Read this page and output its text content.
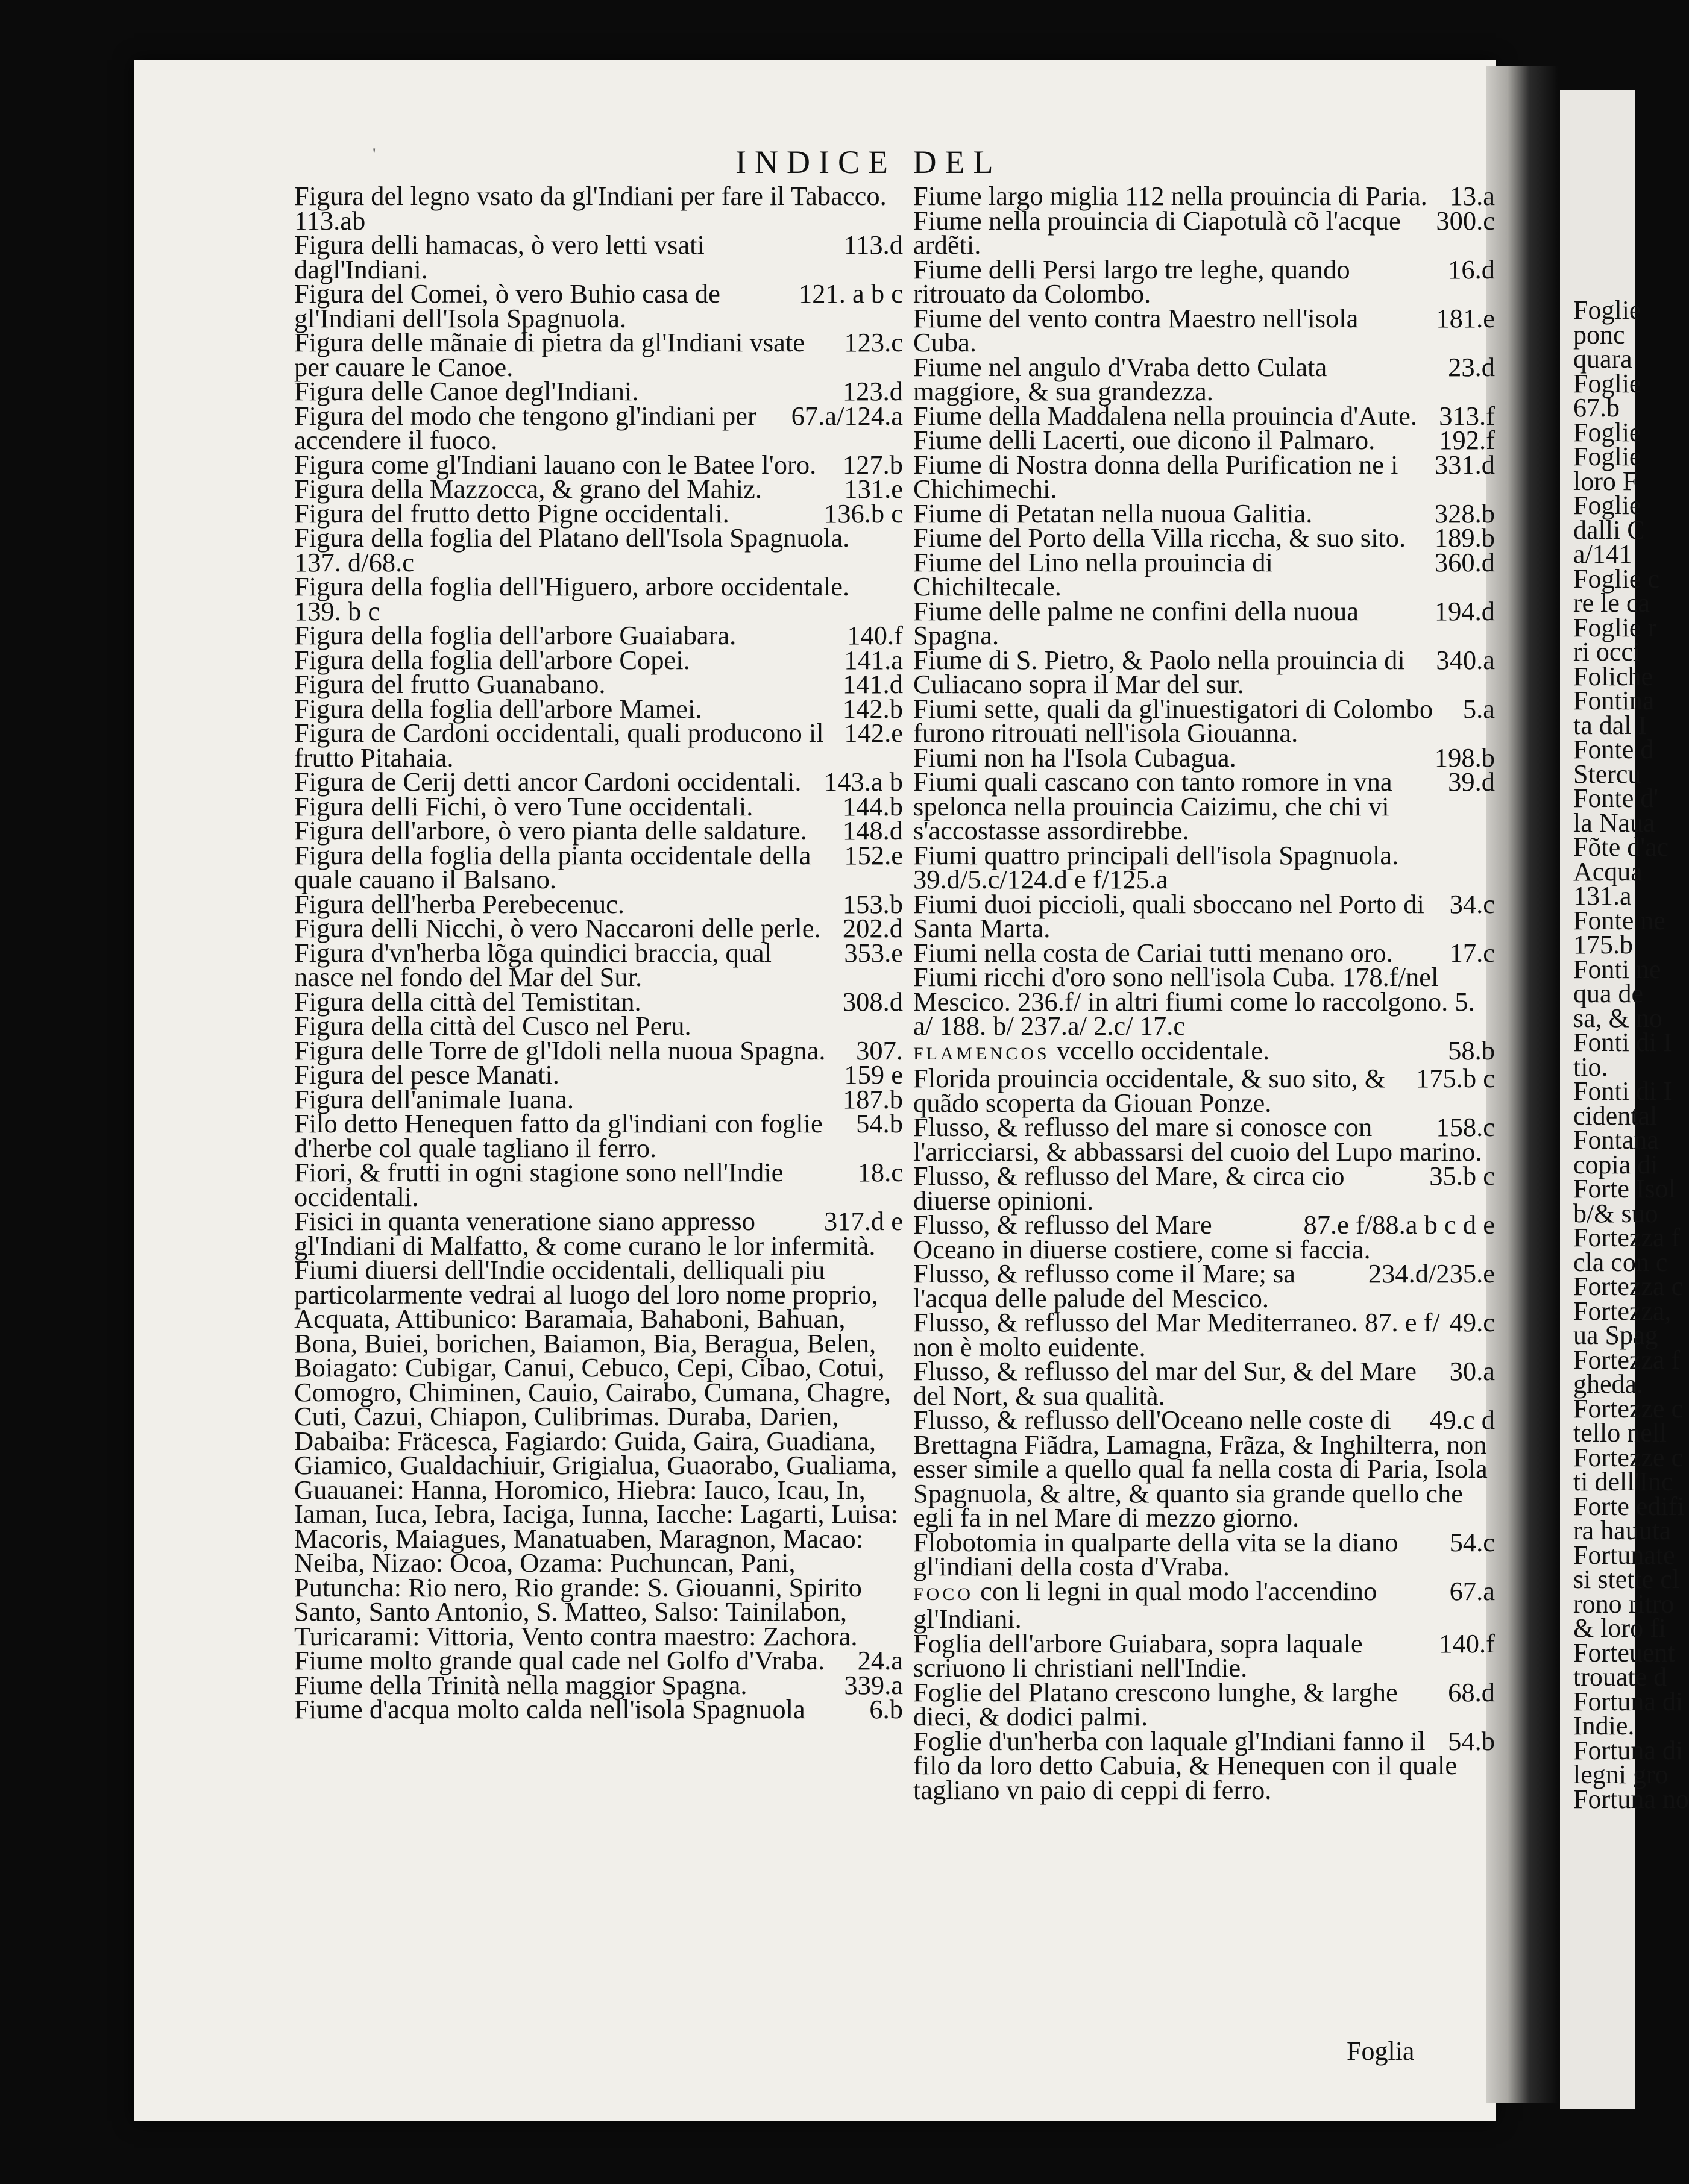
Foglie
ponc
quara
Foglie
67.b
Foglie
Foglie
loro F
Foglie
dalli C
a/141
Foglie c
re le ca
Foglie r
ri occi
Foliche
Fontina
ta dal I
Fonte d
Stercu
Fonte d'
la Naua
Fõte d'ac
Acqua
131.a
Fonte ne
175.b
Fonti ne
qua de
sa, & no
Fonti di I
tio.
Fonti di I
cidental
Fontana
copia di
Forte Isol
b/& suo
Fortezza f
cla con c
Fortezza c
Fortezza,
ua Spag
Fortezza f
gheda.
Fortezze c
tello nell
Fortezze c
ti dell'Inc
Forte edifi
ra hauuta
Fortunate
si stette cl
rono ritro
& loro fi
Forteuent
trouate d
Fortuna di
Indie.
Fortuna di
legni gro
Fortuna no
'	INDICE DEL
Figura del legno vsato da gl'Indiani per fare il Tabacco.
113.ab
113.d
Figura delli hamacas, ò vero letti vsati dagl'Indiani.
121. a b c
Figura del Comei, ò vero Buhio casa de gl'Indiani dell'Isola Spagnuola.
123.c
Figura delle mãnaie di pietra da gl'Indiani vsate per cauare le Canoe.
123.d
Figura delle Canoe degl'Indiani.
67.a/124.a
Figura del modo che tengono gl'indiani per accendere il fuoco.
127.b
Figura come gl'Indiani lauano con le Batee l'oro.
131.e
Figura della Mazzocca, & grano del Mahiz.
136.b c
Figura del frutto detto Pigne occidentali.
Figura della foglia del Platano dell'Isola Spagnuola. 137. d/68.c
Figura della foglia dell'Higuero, arbore occidentale. 139. b c
140.f
Figura della foglia dell'arbore Guaiabara.
141.a
Figura della foglia dell'arbore Copei.
141.d
Figura del frutto Guanabano.
142.b
Figura della foglia dell'arbore Mamei.
142.e
Figura de Cardoni occidentali, quali producono il frutto Pitahaia.
143.a b
Figura de Cerij detti ancor Cardoni occidentali.
144.b
Figura delli Fichi, ò vero Tune occidentali.
148.d
Figura dell'arbore, ò vero pianta delle saldature.
152.e
Figura della foglia della pianta occidentale della quale cauano il Balsano.
153.b
Figura dell'herba Perebecenuc.
202.d
Figura delli Nicchi, ò vero Naccaroni delle perle.
353.e
Figura d'vn'herba lõga quindici braccia, qual nasce nel fondo del Mar del Sur.
308.d
Figura della città del Temistitan.
Figura della città del Cusco nel Peru.
307.
Figura delle Torre de gl'Idoli nella nuoua Spagna.
159 e
Figura del pesce Manati.
187.b
Figura dell'animale Iuana.
54.b
Filo detto Henequen fatto da gl'indiani con foglie d'herbe col quale tagliano il ferro.
18.c
Fiori, & frutti in ogni stagione sono nell'Indie occidentali.
317.d e
Fisici in quanta veneratione siano appresso gl'Indiani di Malfatto, & come curano le lor infermità.
Fiumi diuersi dell'Indie occidentali, delliquali piu particolarmente vedrai al luogo del loro nome proprio, Acquata, Attibunico: Baramaia, Bahaboni, Bahuan, Bona, Buiei, borichen, Baiamon, Bia, Beragua, Belen, Boiagato: Cubigar, Canui, Cebuco, Cepi, Cibao, Cotui, Comogro, Chiminen, Cauio, Cairabo, Cumana, Chagre, Cuti, Cazui, Chiapon, Culibrimas. Duraba, Darien, Dabaiba: Fräcesca, Fagiardo: Guida, Gaira, Guadiana, Giamico, Gualdachiuir, Grigialua, Guaorabo, Gualiama, Guauanei: Hanna, Horomico, Hiebra: Iauco, Icau, In, Iaman, Iuca, Iebra, Iaciga, Iunna, Iacche: Lagarti, Luisa: Macoris, Maiagues, Manatuaben, Maragnon, Macao: Neiba, Nizao: Ocoa, Ozama: Puchuncan, Pani, Putuncha: Rio nero, Rio grande: S. Giouanni, Spirito Santo, Santo Antonio, S. Matteo, Salso: Tainilabon, Turicarami: Vittoria, Vento contra maestro: Zachora.
24.a
Fiume molto grande qual cade nel Golfo d'Vraba.
339.a
Fiume della Trinità nella maggior Spagna.
6.b
Fiume d'acqua molto calda nell'isola Spagnuola
13.a
Fiume largo miglia 112 nella prouincia di Paria.
300.c
Fiume nella prouincia di Ciapotulà cõ l'acque ardẽti.
16.d
Fiume delli Persi largo tre leghe, quando ritrouato da Colombo.
181.e
Fiume del vento contra Maestro nell'isola Cuba.
23.d
Fiume nel angulo d'Vraba detto Culata maggiore, & sua grandezza.
313.f
Fiume della Maddalena nella prouincia d'Aute.
192.f
Fiume delli Lacerti, oue dicono il Palmaro.
331.d
Fiume di Nostra donna della Purification ne i Chichimechi.
328.b
Fiume di Petatan nella nuoua Galitia.
189.b
Fiume del Porto della Villa riccha, & suo sito.
360.d
Fiume del Lino nella prouincia di Chichiltecale.
194.d
Fiume delle palme ne confini della nuoua Spagna.
340.a
Fiume di S. Pietro, & Paolo nella prouincia di Culiacano sopra il Mar del sur.
5.a
Fiumi sette, quali da gl'inuestigatori di Colombo furono ritrouati nell'isola Giouanna.
198.b
Fiumi non ha l'Isola Cubagua.
39.d
Fiumi quali cascano con tanto romore in vna spelonca nella prouincia Caizimu, che chi vi s'accostasse assordirebbe.
Fiumi quattro principali dell'isola Spagnuola. 39.d/5.c/124.d e f/125.a
34.c
Fiumi duoi piccioli, quali sboccano nel Porto di Santa Marta.
17.c
Fiumi nella costa de Cariai tutti menano oro.
Fiumi ricchi d'oro sono nell'isola Cuba. 178.f/nel Mescico. 236.f/ in altri fiumi come lo raccolgono. 5. a/ 188. b/ 237.a/ 2.c/ 17.c
58.b
FLAMENCOS vccello occidentale.
175.b c
Florida prouincia occidentale, & suo sito, & quãdo scoperta da Giouan Ponze.
158.c
Flusso, & reflusso del mare si conosce con l'arricciarsi, & abbassarsi del cuoio del Lupo marino.
35.b c
Flusso, & reflusso del Mare, & circa cio diuerse opinioni.
87.e f/88.a b c d e
Flusso, & reflusso del Mare Oceano in diuerse costiere, come si faccia.
234.d/235.e
Flusso, & reflusso come il Mare; sa l'acqua delle palude del Mescico.
49.c
Flusso, & reflusso del Mar Mediterraneo. 87. e f/ non è molto euidente.
30.a
Flusso, & reflusso del mar del Sur, & del Mare del Nort, & sua qualità.
49.c d
Flusso, & reflusso dell'Oceano nelle coste di Brettagna Fiãdra, Lamagna, Frãza, & Inghilterra, non esser simile a quello qual fa nella costa di Paria, Isola Spagnuola, & altre, & quanto sia grande quello che egli fa in nel Mare di mezzo giorno.
54.c
Flobotomia in qualparte della vita se la diano gl'indiani della costa d'Vraba.
67.a
FOCO con li legni in qual modo l'accendino gl'Indiani.
140.f
Foglia dell'arbore Guiabara, sopra laquale scriuono li christiani nell'Indie.
68.d
Foglie del Platano crescono lunghe, & larghe dieci, & dodici palmi.
54.b
Foglie d'un'herba con laquale gl'Indiani fanno il filo da loro detto Cabuia, & Henequen con il quale tagliano vn paio di ceppi di ferro.
Foglia
